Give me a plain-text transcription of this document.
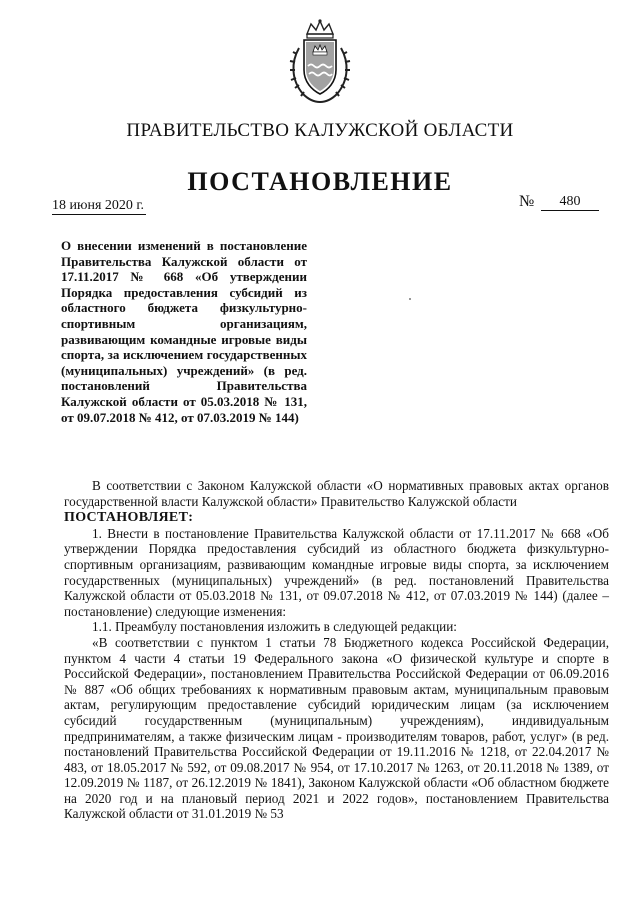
ПРАВИТЕЛЬСТВО КАЛУЖСКОЙ ОБЛАСТИ
ПОСТАНОВЛЕНИЕ
18 июня 2020 г.	№	480

О внесении изменений в постановление Правительства Калужской области от 17.11.2017 № 668 «Об утверждении Порядка предоставления субсидий из областного бюджета физкультурно-спортивным организациям, развивающим командные игровые виды спорта, за исключением государственных (муниципальных) учреждений» (в ред. постановлений Правительства Калужской области от 05.03.2018 № 131, от 09.07.2018 № 412, от 07.03.2019 № 144)

В соответствии с Законом Калужской области «О нормативных правовых актах органов государственной власти Калужской области» Правительство Калужской области

ПОСТАНОВЛЯЕТ:

1. Внести в постановление Правительства Калужской области от 17.11.2017 № 668 «Об утверждении Порядка предоставления субсидий из областного бюджета физкультурно-спортивным организациям, развивающим командные игровые виды спорта, за исключением государственных (муниципальных) учреждений» (в ред. постановлений Правительства Калужской области от 05.03.2018 № 131, от 09.07.2018 № 412, от 07.03.2019 № 144) (далее – постановление) следующие изменения:

1.1. Преамбулу постановления изложить в следующей редакции:

«В соответствии с пунктом 1 статьи 78 Бюджетного кодекса Российской Федерации, пунктом 4 части 4 статьи 19 Федерального закона «О физической культуре и спорте в Российской Федерации», постановлением Правительства Российской Федерации от 06.09.2016 № 887 «Об общих требованиях к нормативным правовым актам, муниципальным правовым актам, регулирующим предоставление субсидий юридическим лицам (за исключением субсидий государственным (муниципальным) учреждениям), индивидуальным предпринимателям, а также физическим лицам - производителям товаров, работ, услуг» (в ред. постановлений Правительства Российской Федерации от 19.11.2016 № 1218, от 22.04.2017 № 483, от 18.05.2017 № 592, от 09.08.2017 № 954, от 17.10.2017 № 1263, от 20.11.2018 № 1389, от 12.09.2019 № 1187, от 26.12.2019 № 1841), Законом Калужской области «Об областном бюджете на 2020 год и на плановый период 2021 и 2022 годов», постановлением Правительства Калужской области от 31.01.2019 № 53
